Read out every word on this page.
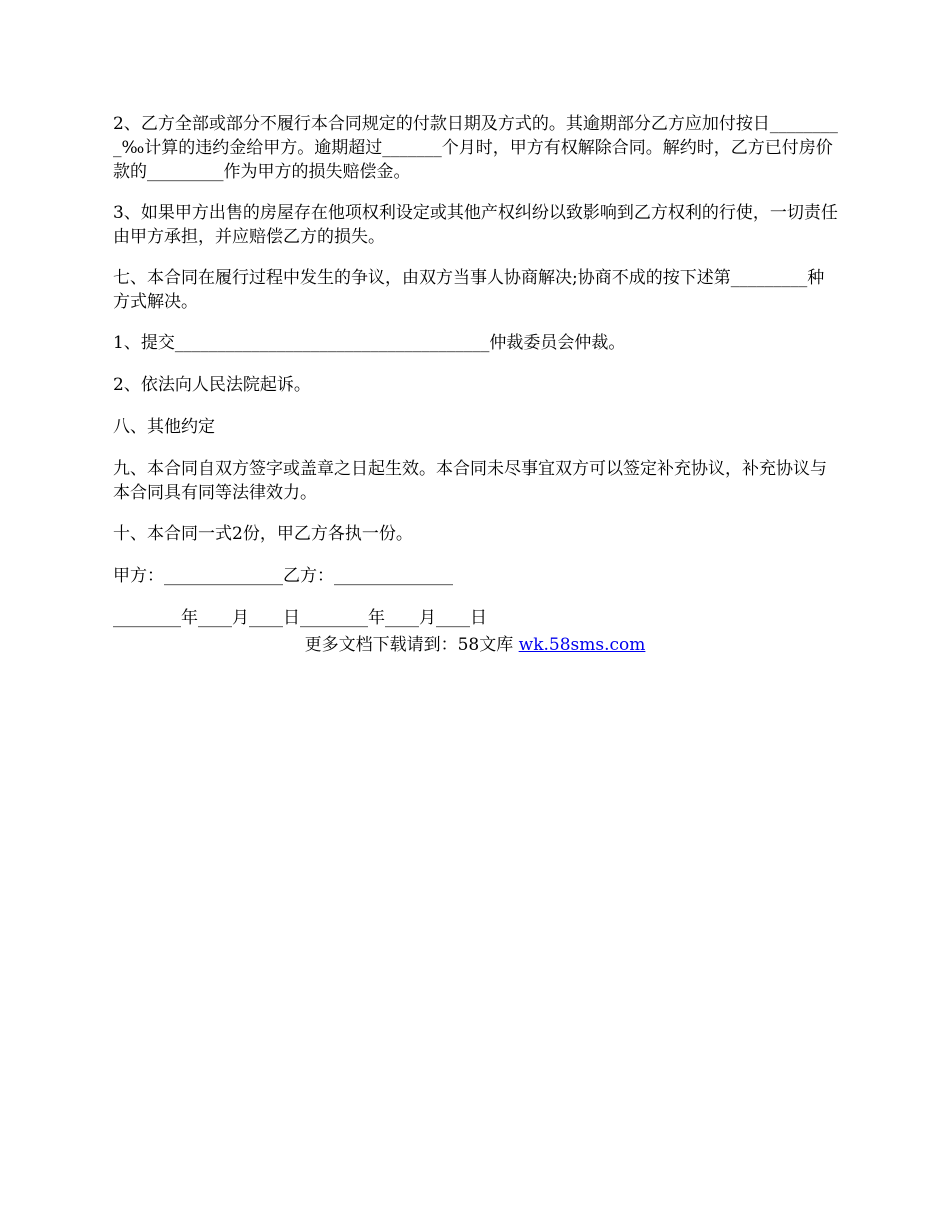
2、乙方全部或部分不履行本合同规定的付款日期及方式的。其逾期部分乙方应加付按日_________‰计算的违约金给甲方。逾期超过_______个月时，甲方有权解除合同。解约时，乙方已付房价款的_________作为甲方的损失赔偿金。

3、如果甲方出售的房屋存在他项权利设定或其他产权纠纷以致影响到乙方权利的行使，一切责任由甲方承担，并应赔偿乙方的损失。

七、本合同在履行过程中发生的争议，由双方当事人协商解决;协商不成的按下述第_________种方式解决。

1、提交_____________________________________仲裁委员会仲裁。

2、依法向人民法院起诉。

八、其他约定

九、本合同自双方签字或盖章之日起生效。本合同未尽事宜双方可以签定补充协议，补充协议与本合同具有同等法律效力。

十、本合同一式2份，甲乙方各执一份。

甲方：______________乙方：______________

________年____月____日________年____月____日

更多文档下载请到：58文库 wk.58sms.com
